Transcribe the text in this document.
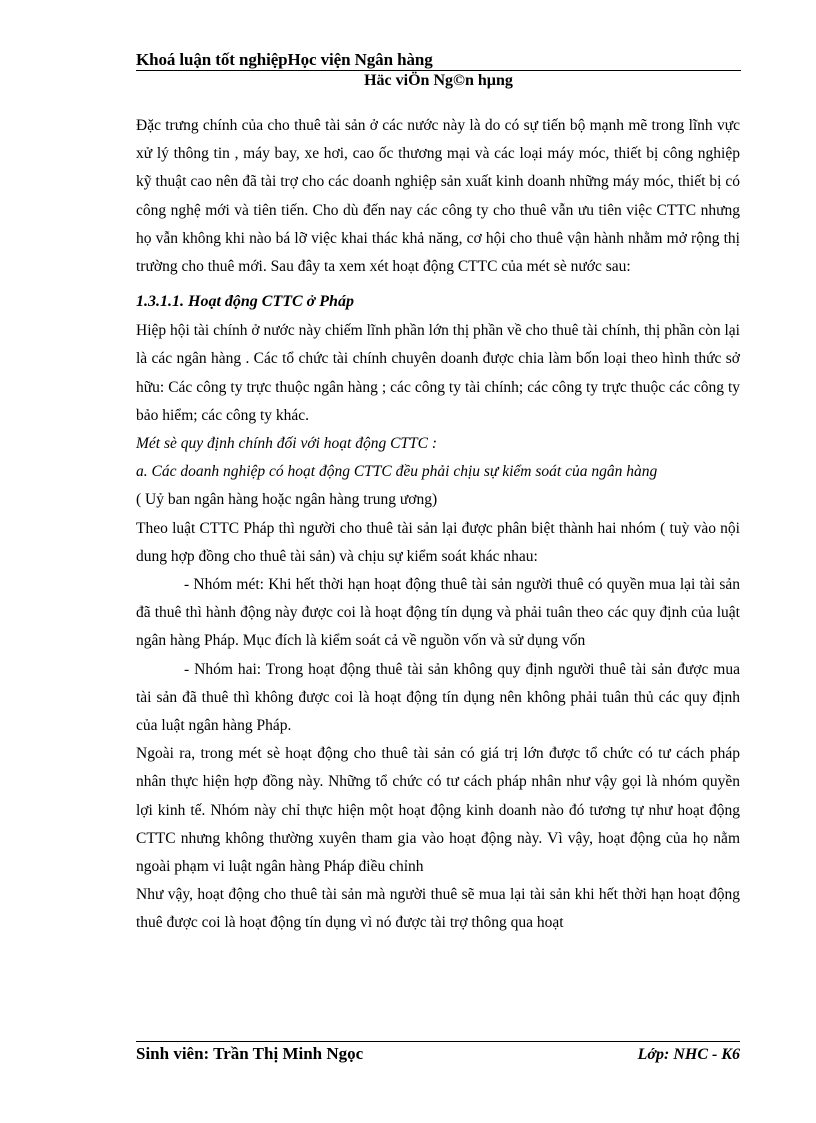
Khoá luận tốt nghiệpHọc viện Ngân hàng
Häc viÖn Ng©n hµng

Đặc trưng chính của cho thuê tài sản ở các nước này là do có sự tiến bộ mạnh mẽ trong lĩnh vực xử lý thông tin , máy bay, xe hơi, cao ốc thương mại và các loại máy móc, thiết bị công nghiệp kỹ thuật cao nên đã tài trợ cho các doanh nghiệp sản xuất kinh doanh những máy móc, thiết bị có công nghệ mới và tiên tiến. Cho dù đến nay các công ty cho thuê vẫn ưu tiên việc CTTC nhưng họ vẫn không khi nào bá lỡ việc khai thác khả năng, cơ hội cho thuê vận hành nhằm mở rộng thị trường cho thuê mới. Sau đây ta xem xét hoạt động CTTC của mét sè nước sau:

1.3.1.1. Hoạt động CTTC ở Pháp

Hiệp hội tài chính ở nước này chiếm lĩnh phần lớn thị phần về cho thuê tài chính, thị phần còn lại là các ngân hàng . Các tổ chức tài chính chuyên doanh được chia làm bốn loại theo hình thức sở hữu: Các công ty trực thuộc ngân hàng ; các công ty tài chính; các công ty trực thuộc các công ty bảo hiểm; các công ty khác.

Mét sè quy định chính đối với hoạt động CTTC :

a. Các doanh nghiệp có hoạt động CTTC đều phải chịu sự kiểm soát của ngân hàng

( Uỷ ban ngân hàng hoặc ngân hàng trung ương)

Theo luật CTTC Pháp thì người cho thuê tài sản lại được phân biệt thành hai nhóm ( tuỳ vào nội dung hợp đồng cho thuê tài sản) và chịu sự kiểm soát khác nhau:

- Nhóm mét: Khi hết thời hạn hoạt động thuê tài sản người thuê có quyền mua lại tài sản đã thuê thì hành động này được coi là hoạt động tín dụng và phải tuân theo các quy định của luật ngân hàng Pháp. Mục đích là kiểm soát cả về nguồn vốn và sử dụng vốn

- Nhóm hai: Trong hoạt động thuê tài sản không quy định người thuê tài sản được mua tài sản đã thuê thì không được coi là hoạt động tín dụng nên không phải tuân thủ các quy định của luật ngân hàng Pháp.

Ngoài ra, trong mét sè hoạt động cho thuê tài sản có giá trị lớn được tổ chức có tư cách pháp nhân thực hiện hợp đồng này. Những tổ chức có tư cách pháp nhân như vậy gọi là nhóm quyền lợi kinh tế. Nhóm này chỉ thực hiện một hoạt động kinh doanh nào đó tương tự như hoạt động CTTC nhưng không thường xuyên tham gia vào hoạt động này. Vì vậy, hoạt động của họ nằm ngoài phạm vi luật ngân hàng Pháp điều chỉnh

Như vậy, hoạt động cho thuê tài sản mà người thuê sẽ mua lại tài sản khi hết thời hạn hoạt động thuê được coi là hoạt động tín dụng vì nó được tài trợ thông qua hoạt

Sinh viên: Trần Thị Minh Ngọc	Lớp: NHC - K6
